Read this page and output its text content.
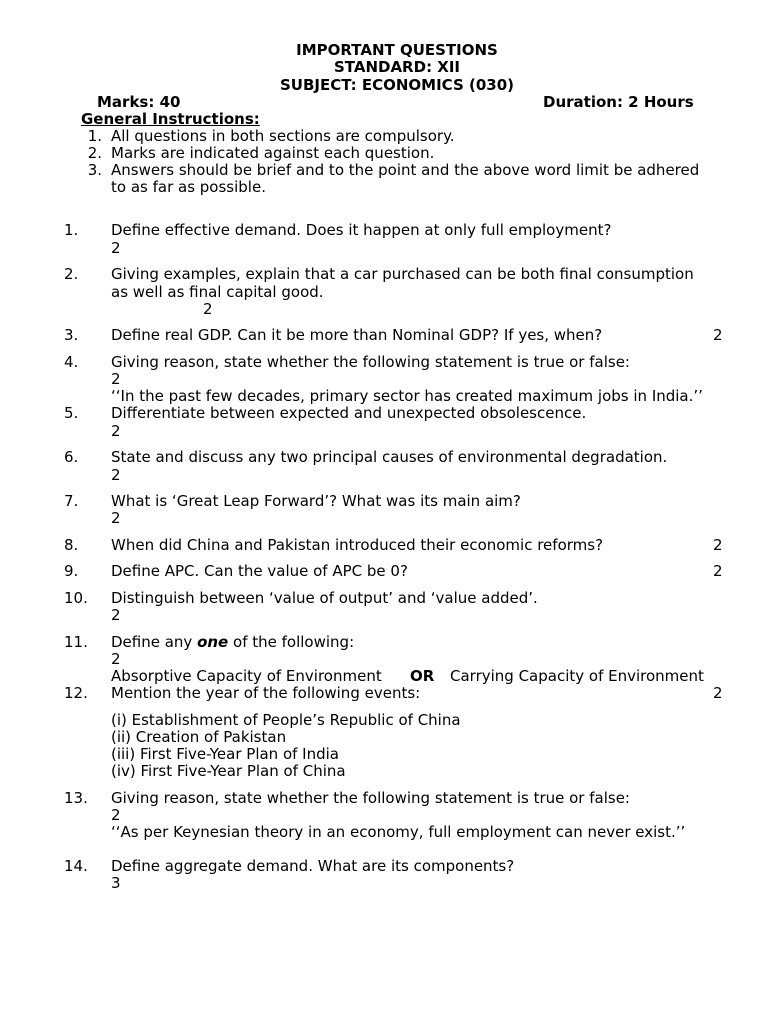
IMPORTANT QUESTIONS
STANDARD: XII
SUBJECT: ECONOMICS (030)
Marks: 40	Duration: 2 Hours
General Instructions:
1. All questions in both sections are compulsory.
2. Marks are indicated against each question.
3. Answers should be brief and to the point and the above word limit be adhered
to as far as possible.
1. Define effective demand. Does it happen at only full employment?
2
2. Giving examples, explain that a car purchased can be both final consumption
as well as final capital good.
2
3. Define real GDP. Can it be more than Nominal GDP? If yes, when?	2
4. Giving reason, state whether the following statement is true or false:
2
‘‘In the past few decades, primary sector has created maximum jobs in India.’’
5. Differentiate between expected and unexpected obsolescence.
2
6. State and discuss any two principal causes of environmental degradation.
2
7. What is ‘Great Leap Forward’? What was its main aim?
2
8. When did China and Pakistan introduced their economic reforms?	2
9. Define APC. Can the value of APC be 0?	2
10. Distinguish between ‘value of output’ and ‘value added’.
2
11. Define any one of the following:
2
Absorptive Capacity of Environment OR Carrying Capacity of Environment
12. Mention the year of the following events:	2
(i) Establishment of People’s Republic of China
(ii) Creation of Pakistan
(iii) First Five-Year Plan of India
(iv) First Five-Year Plan of China
13. Giving reason, state whether the following statement is true or false:
2
‘‘As per Keynesian theory in an economy, full employment can never exist.’’
14. Define aggregate demand. What are its components?
3
